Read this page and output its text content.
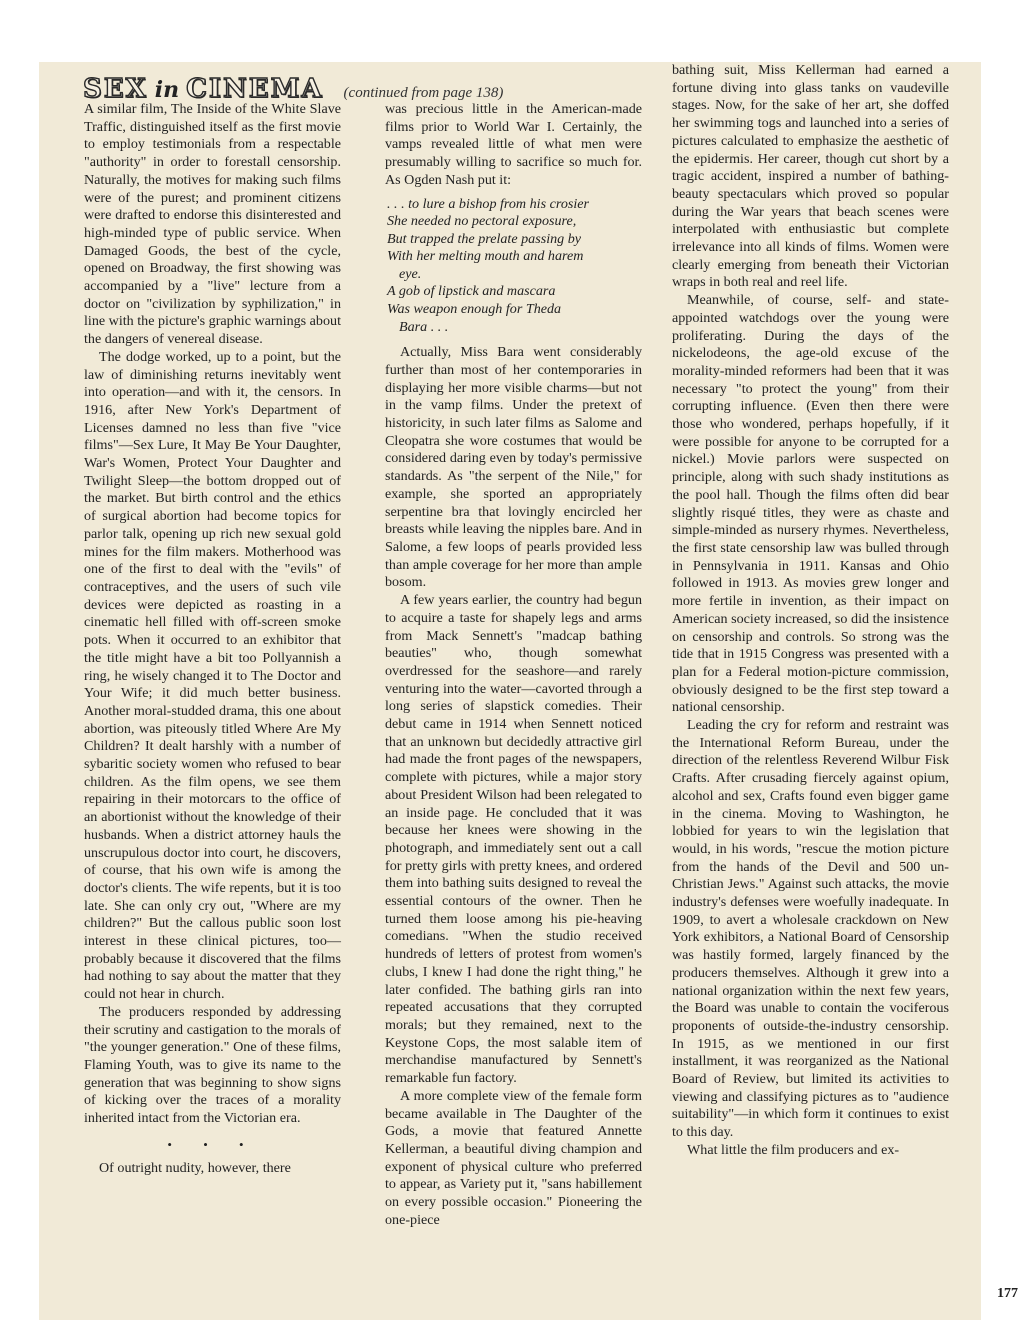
SEX in CINEMA (continued from page 138)

A similar film, The Inside of the White Slave Traffic, distinguished itself as the first movie to employ testimonials from a respectable "authority" in order to forestall censorship. Naturally, the motives for making such films were of the purest; and prominent citizens were drafted to endorse this disinterested and high-minded type of public service. When Damaged Goods, the best of the cycle, opened on Broadway, the first showing was accompanied by a "live" lecture from a doctor on "civilization by syphilization," in line with the picture's graphic warnings about the dangers of venereal disease.

The dodge worked, up to a point, but the law of diminishing returns inevitably went into operation—and with it, the censors. In 1916, after New York's Department of Licenses damned no less than five "vice films"—Sex Lure, It May Be Your Daughter, War's Women, Protect Your Daughter and Twilight Sleep—the bottom dropped out of the market. But birth control and the ethics of surgical abortion had become topics for parlor talk, opening up rich new sexual gold mines for the film makers. Motherhood was one of the first to deal with the "evils" of contraceptives, and the users of such vile devices were depicted as roasting in a cinematic hell filled with off-screen smoke pots. When it occurred to an exhibitor that the title might have a bit too Pollyannish a ring, he wisely changed it to The Doctor and Your Wife; it did much better business. Another moral-studded drama, this one about abortion, was piteously titled Where Are My Children? It dealt harshly with a number of sybaritic society women who refused to bear children. As the film opens, we see them repairing in their motorcars to the office of an abortionist without the knowledge of their husbands. When a district attorney hauls the unscrupulous doctor into court, he discovers, of course, that his own wife is among the doctor's clients. The wife repents, but it is too late. She can only cry out, "Where are my children?" But the callous public soon lost interest in these clinical pictures, too—probably because it discovered that the films had nothing to say about the matter that they could not hear in church.

The producers responded by addressing their scrutiny and castigation to the morals of "the younger generation." One of these films, Flaming Youth, was to give its name to the generation that was beginning to show signs of kicking over the traces of a morality inherited intact from the Victorian era.

• • •

Of outright nudity, however, there

was precious little in the American-made films prior to World War I. Certainly, the vamps revealed little of what men were presumably willing to sacrifice so much for. As Ogden Nash put it:

. . . to lure a bishop from his crosier
She needed no pectoral exposure,
But trapped the prelate passing by
With her melting mouth and harem
eye.
A gob of lipstick and mascara
Was weapon enough for Theda
Bara . . .

Actually, Miss Bara went considerably further than most of her contemporaries in displaying her more visible charms—but not in the vamp films. Under the pretext of historicity, in such later films as Salome and Cleopatra she wore costumes that would be considered daring even by today's permissive standards. As "the serpent of the Nile," for example, she sported an appropriately serpentine bra that lovingly encircled her breasts while leaving the nipples bare. And in Salome, a few loops of pearls provided less than ample coverage for her more than ample bosom.

A few years earlier, the country had begun to acquire a taste for shapely legs and arms from Mack Sennett's "madcap bathing beauties" who, though somewhat overdressed for the seashore—and rarely venturing into the water—cavorted through a long series of slapstick comedies. Their debut came in 1914 when Sennett noticed that an unknown but decidedly attractive girl had made the front pages of the newspapers, complete with pictures, while a major story about President Wilson had been relegated to an inside page. He concluded that it was because her knees were showing in the photograph, and immediately sent out a call for pretty girls with pretty knees, and ordered them into bathing suits designed to reveal the essential contours of the owner. Then he turned them loose among his pie-heaving comedians. "When the studio received hundreds of letters of protest from women's clubs, I knew I had done the right thing," he later confided. The bathing girls ran into repeated accusations that they corrupted morals; but they remained, next to the Keystone Cops, the most salable item of merchandise manufactured by Sennett's remarkable fun factory.

A more complete view of the female form became available in The Daughter of the Gods, a movie that featured Annette Kellerman, a beautiful diving champion and exponent of physical culture who preferred to appear, as Variety put it, "sans habillement on every possible occasion." Pioneering the one-piece

bathing suit, Miss Kellerman had earned a fortune diving into glass tanks on vaudeville stages. Now, for the sake of her art, she doffed her swimming togs and launched into a series of pictures calculated to emphasize the aesthetic of the epidermis. Her career, though cut short by a tragic accident, inspired a number of bathing-beauty spectaculars which proved so popular during the War years that beach scenes were interpolated with enthusiastic but complete irrelevance into all kinds of films. Women were clearly emerging from beneath their Victorian wraps in both real and reel life.

Meanwhile, of course, self- and state-appointed watchdogs over the young were proliferating. During the days of the nickelodeons, the age-old excuse of the morality-minded reformers had been that it was necessary "to protect the young" from their corrupting influence. (Even then there were those who wondered, perhaps hopefully, if it were possible for anyone to be corrupted for a nickel.) Movie parlors were suspected on principle, along with such shady institutions as the pool hall. Though the films often did bear slightly risqué titles, they were as chaste and simple-minded as nursery rhymes. Nevertheless, the first state censorship law was bulled through in Pennsylvania in 1911. Kansas and Ohio followed in 1913. As movies grew longer and more fertile in invention, as their impact on American society increased, so did the insistence on censorship and controls. So strong was the tide that in 1915 Congress was presented with a plan for a Federal motion-picture commission, obviously designed to be the first step toward a national censorship.

Leading the cry for reform and restraint was the International Reform Bureau, under the direction of the relentless Reverend Wilbur Fisk Crafts. After crusading fiercely against opium, alcohol and sex, Crafts found even bigger game in the cinema. Moving to Washington, he lobbied for years to win the legislation that would, in his words, "rescue the motion picture from the hands of the Devil and 500 un-Christian Jews." Against such attacks, the movie industry's defenses were woefully inadequate. In 1909, to avert a wholesale crackdown on New York exhibitors, a National Board of Censorship was hastily formed, largely financed by the producers themselves. Although it grew into a national organization within the next few years, the Board was unable to contain the vociferous proponents of outside-the-industry censorship. In 1915, as we mentioned in our first installment, it was reorganized as the National Board of Review, but limited its activities to viewing and classifying pictures as to "audience suitability"—in which form it continues to exist to this day.

What little the film producers and ex-

177
